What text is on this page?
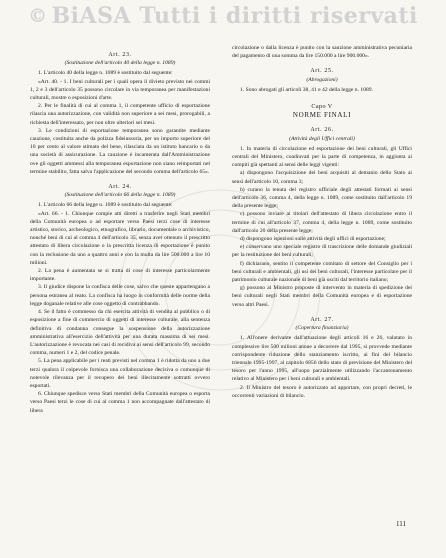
© BiASA Tutti i diritti riservati

Art. 23.
(Sostituzione dell'articolo 40 della legge n. 1089)

1. L'articolo 40 della legge n. 1089 è sostituito dal seguente:

«Art. 40. - 1. I beni culturali per i quali opera il divieto previsto nei commi 1, 2 e 3 dell'articolo 35 possono circolare in via temporanea per manifestazioni culturali, mostre o esposizioni d'arte.

2. Per le finalità di cui al comma 1, il competente ufficio di esportazione rilascia una autorizzazione, con validità non superiore a sei mesi, prorogabili, a richiesta dell'interessato, per non oltre ulteriori sei mesi.

3. Le condizioni di esportazione temporanea sono garantite mediante cauzione, costituita anche da polizza fideiussoria, per un importo superiore del 10 per cento al valore stimato del bene, rilasciata da un istituto bancario o da una società di assicurazione. La cauzione è incamerata dall'Amministrazione ove gli oggetti ammessi alla temporanea esportazione non siano reimportati nel termine stabilito, fatta salva l'applicazione del secondo comma dell'articolo 65».

Art. 24.
(Sostituzione dell'articolo 66 della legge n. 1089)

1. L'articolo 66 della legge n. 1089 è sostituito dal seguente:

«Art. 66. - 1. Chiunque compie atti diretti a trasferire negli Stati membri della Comunità europea o ad esportare verso Paesi terzi cose di interesse artistico, storico, archeologico, etnografico, librario, documentale o archivistico, nonché beni di cui al comma 4 dell'articolo 35, senza aver ottenuto il prescritto attestato di libera circolazione o la prescritta licenza di esportazione è punito con la reclusione da uno a quattro anni e con la multa da lire 500.000 a lire 10 milioni.

2. La pena è aumentata se si tratta di cose di interesse particolarmente importante.

3. Il giudice dispone la confisca delle cose, salvo che queste appartengano a persona estranea al reato. La confisca ha luogo in conformità delle norme della legge doganale relative alle cose oggetto di contrabbando.

4. Se il fatto è commesso da chi esercita attività di vendita al pubblico o di esposizione a fine di commercio di oggetti di interesse culturale, alla sentenza definitiva di condanna consegue la sospensione della autorizzazione amministrativa all'esercizio dell'attività per una durata massima di sei mesi. L'autorizzazione è revocata nei casi di recidiva ai sensi dell'articolo 99, secondo comma, numeri 1 e 2, del codice penale.

5. La pena applicabile per i reati previsti nel comma 1 è ridotta da uno a due terzi qualora il colpevole fornisca una collaborazione decisiva o comunque di notevole rilevanza per il recupero dei beni illecitamente sottratti ovvero esportati.

6. Chiunque spedisce verso Stati membri della Comunità europea o esporta verso Paesi terzi le cose di cui al comma 1 non accompagnate dall'attestato di libera

circolazione o dalla licenza è punito con la sanzione amministrativa pecuniaria del pagamento di una somma da lire 150.000 a lire 900.000».

Art. 25.
(Abrogazioni)

1. Sono abrogati gli articoli 38, 41 e 42 della legge n. 1089.

Capo V
NORME FINALI

Art. 26.
(Attività degli Uffici centrali)

1. In materia di circolazione ed esportazione dei beni culturali, gli Uffici centrali del Ministero, coadiuvati per la parte di competenza, in aggiunta ai compiti già spettanti ai sensi delle leggi vigenti:

a) dispongono l'acquisizione dei beni acquisiti al demanio dello Stato ai sensi dell'articolo 10, comma 3;

b) curano la tenuta del registro ufficiale degli attestati formati ai sensi dell'articolo 36, comma 4, della legge n. 1089, come sostituito dall'articolo 19 della presente legge;

c) possono inviare ai titolari dell'attestato di libera circolazione entro il termine di cui all'articolo 37, comma 4, della legge n. 1089, come sostituito dall'articolo 20 della presente legge;

d) dispongono ispezioni sulle attività degli uffici di esportazione;

e) conservano uno speciale registro di trascrizione delle domande giudiziali per la restituzione dei beni culturali;

f) dichiarano, sentito il competente comitato di settore del Consiglio per i beni culturali e ambientali, gli usi dei beni culturali, l'interesse particolare per il patrimonio culturale nazionale di beni già usciti dal territorio italiano;

g) possono al Ministro proposte di intervento in materia di spedizione dei beni culturali negli Stati membri della Comunità europea e di esportazione verso altri Paesi.

Art. 27.
(Copertura finanziaria)

1. All'onere derivante dall'attuazione degli articoli 16 e 26, valutato in complessive lire 500 milioni annue a decorrere dal 1995, si provvede mediante corrispondente riduzione dello stanziamento iscritto, ai fini del bilancio triennale 1995-1997, al capitolo 6856 dello stato di previsione del Ministero del tesoro per l'anno 1995, all'uopo parzialmente utilizzando l'accantonamento relativo al Ministero per i beni culturali e ambientali.

2. Il Ministro del tesoro è autorizzato ad apportare, con propri decreti, le occorrenti variazioni di bilancio.

111
